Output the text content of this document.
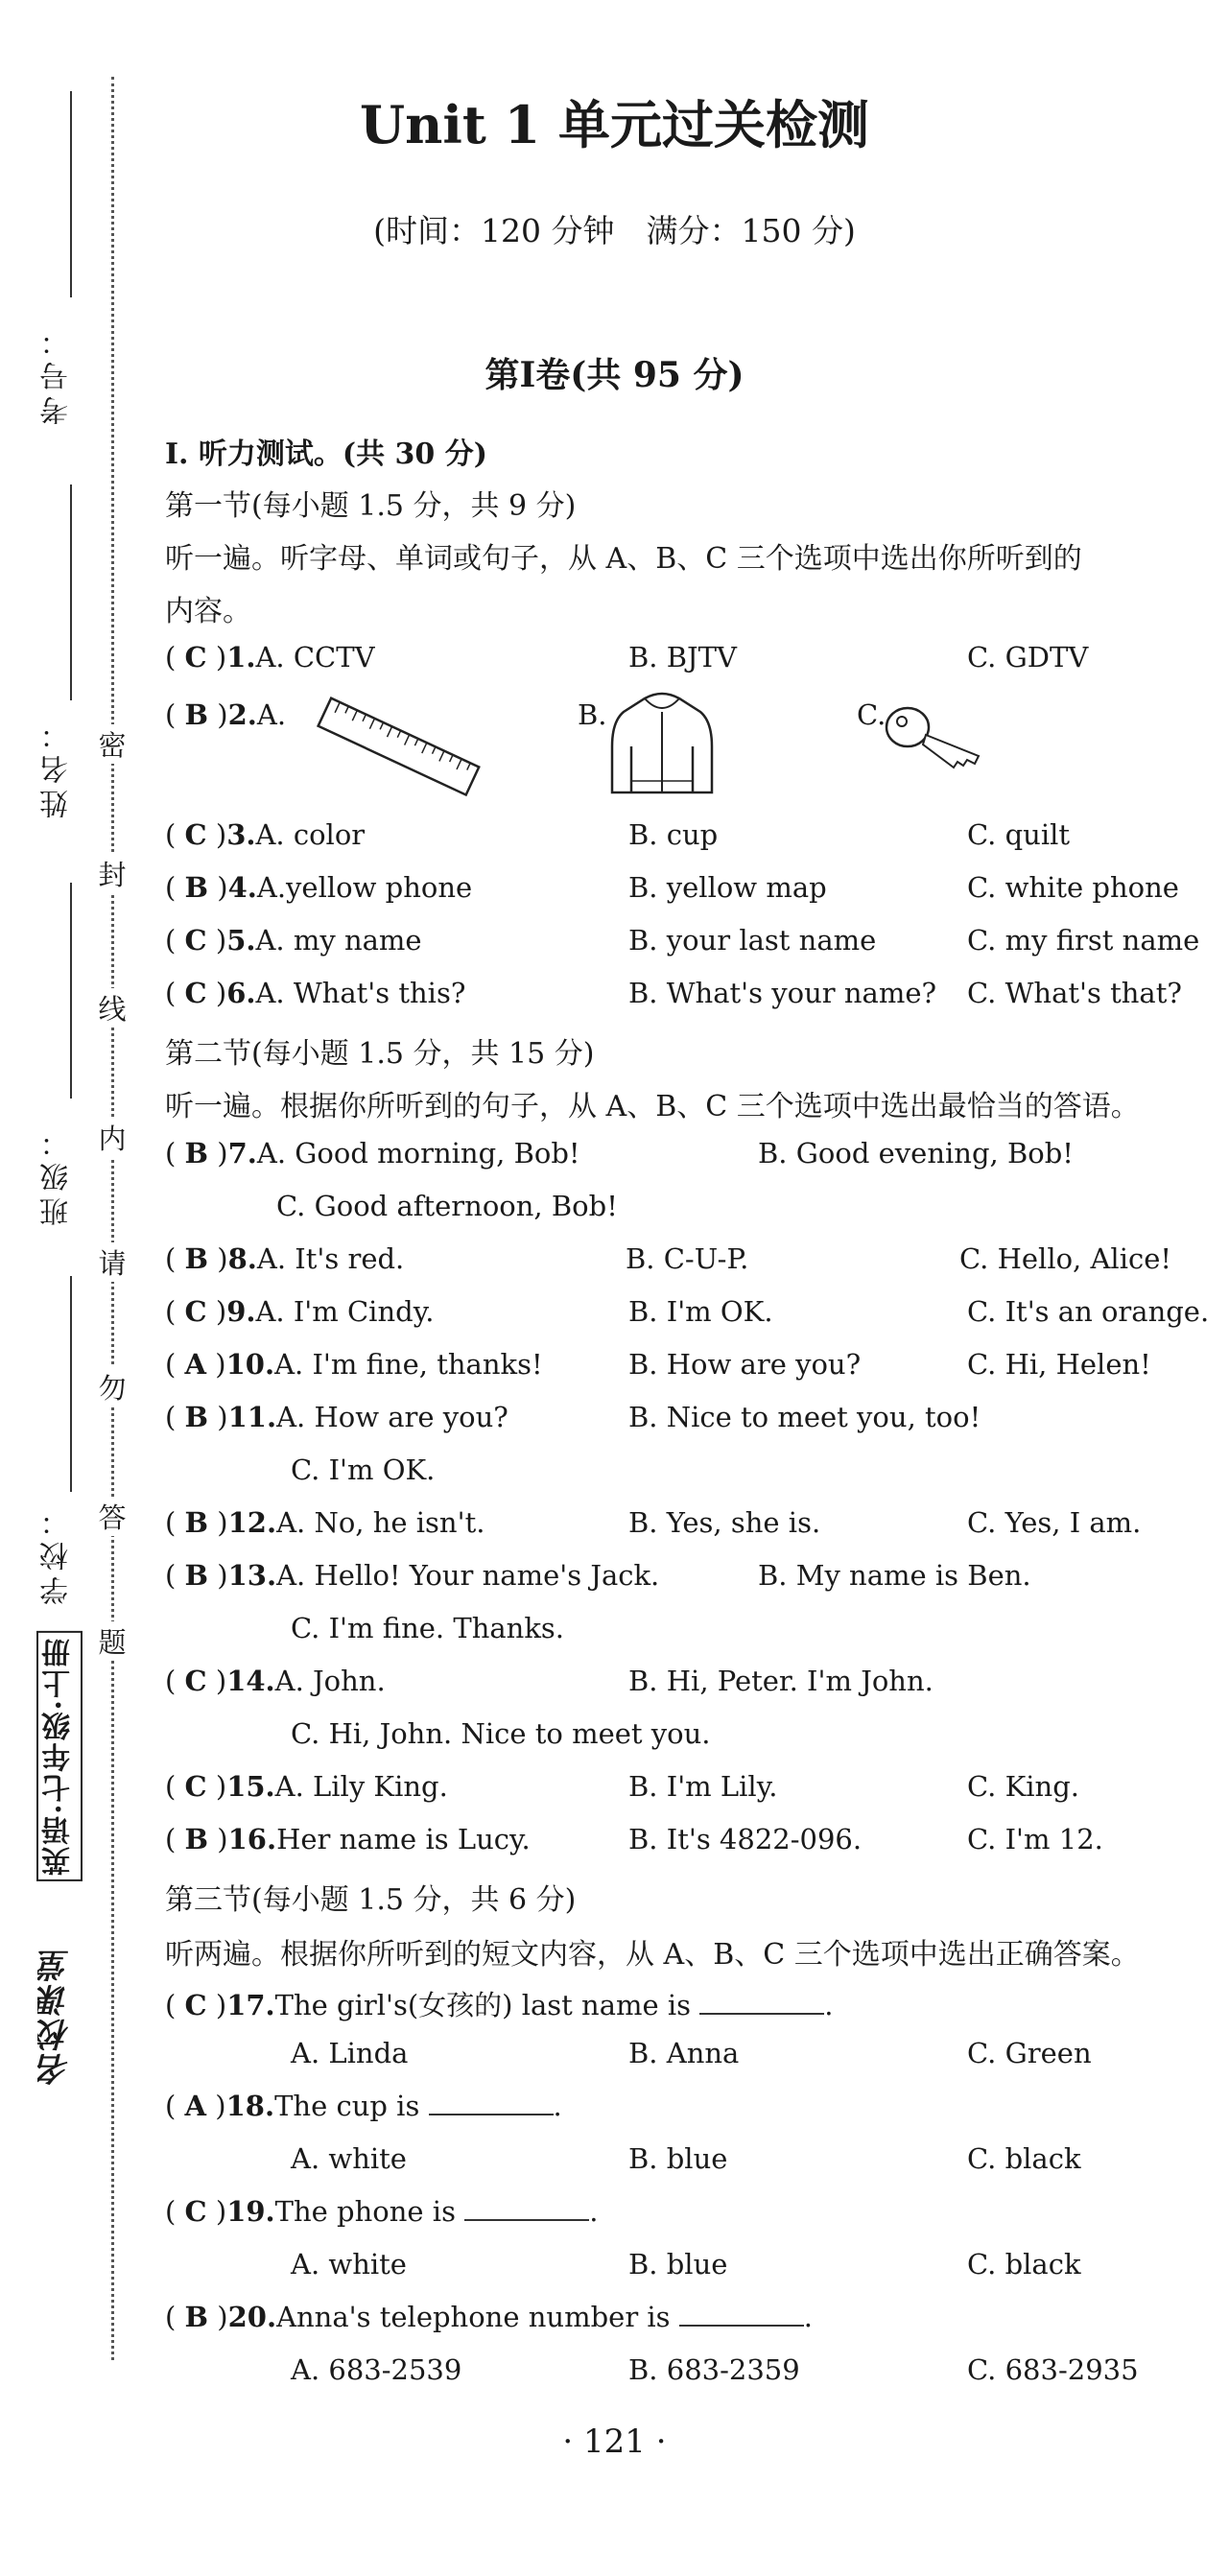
考号：
姓名：
班级：
学校：
英语·七年级·上册
名校课堂
密
封
线
内
请
勿
答
题
Unit 1 单元过关检测
(时间：120 分钟　满分：150 分)
第Ⅰ卷(共 95 分)
Ⅰ. 听力测试。(共 30 分)
第一节(每小题 1.5 分，共 9 分)
听一遍。听字母、单词或句子，从 A、B、C 三个选项中选出你所听到的
内容。
( C )1.A. CCTV	B. BJTV	C. GDTV
( B )2.A.	B.	C.
( C )3.A. color	B. cup	C. quilt
( B )4.A.yellow phone	B. yellow map	C. white phone
( C )5.A. my name	B. your last name	C. my first name
( C )6.A. What's this?	B. What's your name? C. What's that?
第二节(每小题 1.5 分，共 15 分)
听一遍。根据你所听到的句子，从 A、B、C 三个选项中选出最恰当的答语。
( B )7.A. Good morning, Bob!	B. Good evening, Bob!
C. Good afternoon, Bob!
( B )8.A. It's red.	B. C-U-P.	C. Hello, Alice!
( C )9.A. I'm Cindy.	B. I'm OK.	C. It's an orange.
( A )10.A. I'm fine, thanks!	B. How are you?	C. Hi, Helen!
( B )11.A. How are you?	B. Nice to meet you, too!
C. I'm OK.
( B )12.A. No, he isn't.	B. Yes, she is.	C. Yes, I am.
( B )13.A. Hello! Your name's Jack.	B. My name is Ben.
C. I'm fine. Thanks.
( C )14.A. John.	B. Hi, Peter. I'm John.
C. Hi, John. Nice to meet you.
( C )15.A. Lily King.	B. I'm Lily.	C. King.
( B )16.Her name is Lucy.	B. It's 4822-096.	C. I'm 12.
第三节(每小题 1.5 分，共 6 分)
听两遍。根据你所听到的短文内容，从 A、B、C 三个选项中选出正确答案。
( C )17.The girl's(女孩的) last name is	.
A. Linda	B. Anna	C. Green
( A )18.The cup is	.
A. white	B. blue	C. black
( C )19.The phone is	.
A. white	B. blue	C. black
( B )20.Anna's telephone number is	.
A. 683-2539	B. 683-2359	C. 683-2935
· 121 ·
